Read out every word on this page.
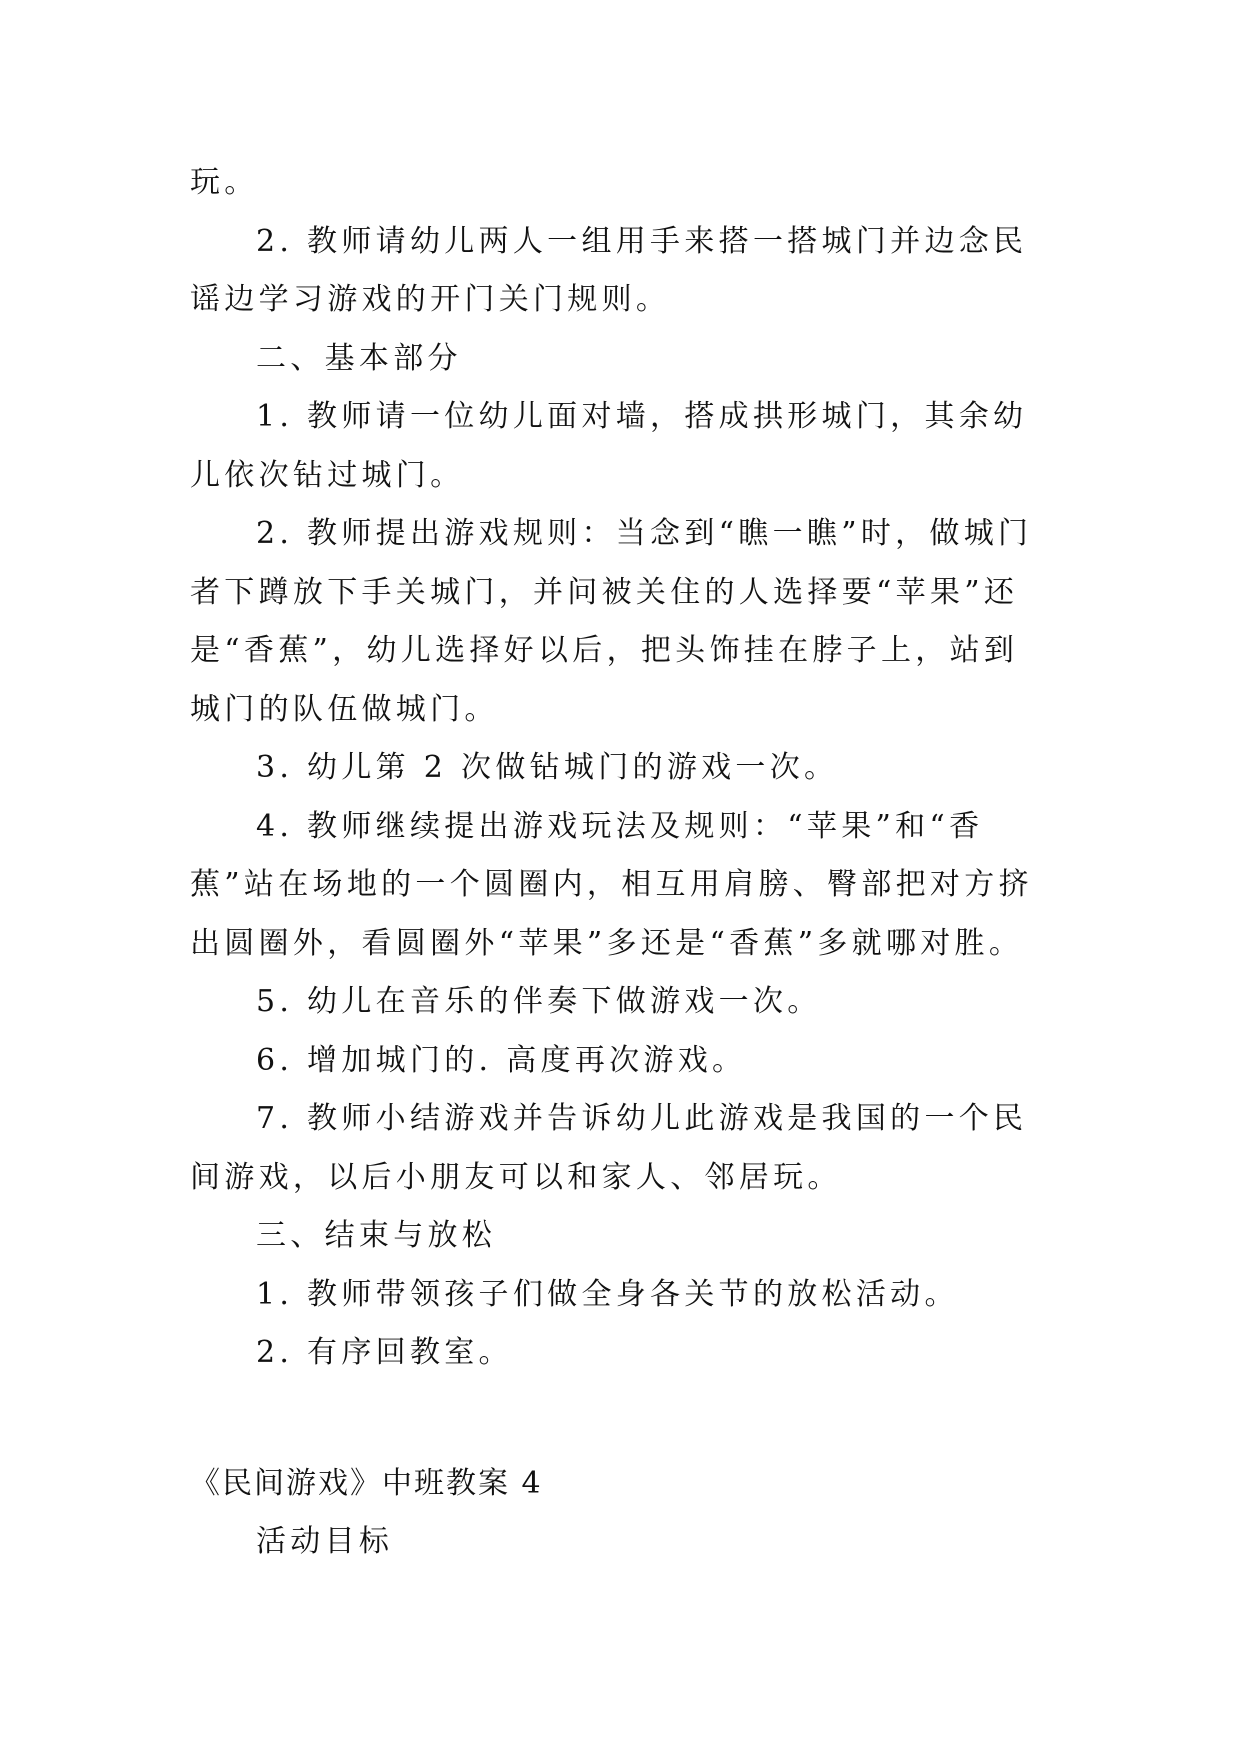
玩。

2. 教师请幼儿两人一组用手来搭一搭城门并边念民谣边学习游戏的开门关门规则。

二、基本部分

1. 教师请一位幼儿面对墙，搭成拱形城门，其余幼儿依次钻过城门。

2. 教师提出游戏规则：当念到“瞧一瞧”时，做城门者下蹲放下手关城门，并问被关住的人选择要“苹果”还是“香蕉”，幼儿选择好以后，把头饰挂在脖子上，站到城门的队伍做城门。

3. 幼儿第 2 次做钻城门的游戏一次。

4. 教师继续提出游戏玩法及规则：“苹果”和“香蕉”站在场地的一个圆圈内，相互用肩膀、臀部把对方挤出圆圈外，看圆圈外“苹果”多还是“香蕉”多就哪对胜。

5. 幼儿在音乐的伴奏下做游戏一次。

6. 增加城门的. 高度再次游戏。

7. 教师小结游戏并告诉幼儿此游戏是我国的一个民间游戏，以后小朋友可以和家人、邻居玩。

三、结束与放松

1. 教师带领孩子们做全身各关节的放松活动。

2. 有序回教室。

《民间游戏》中班教案 4

活动目标
